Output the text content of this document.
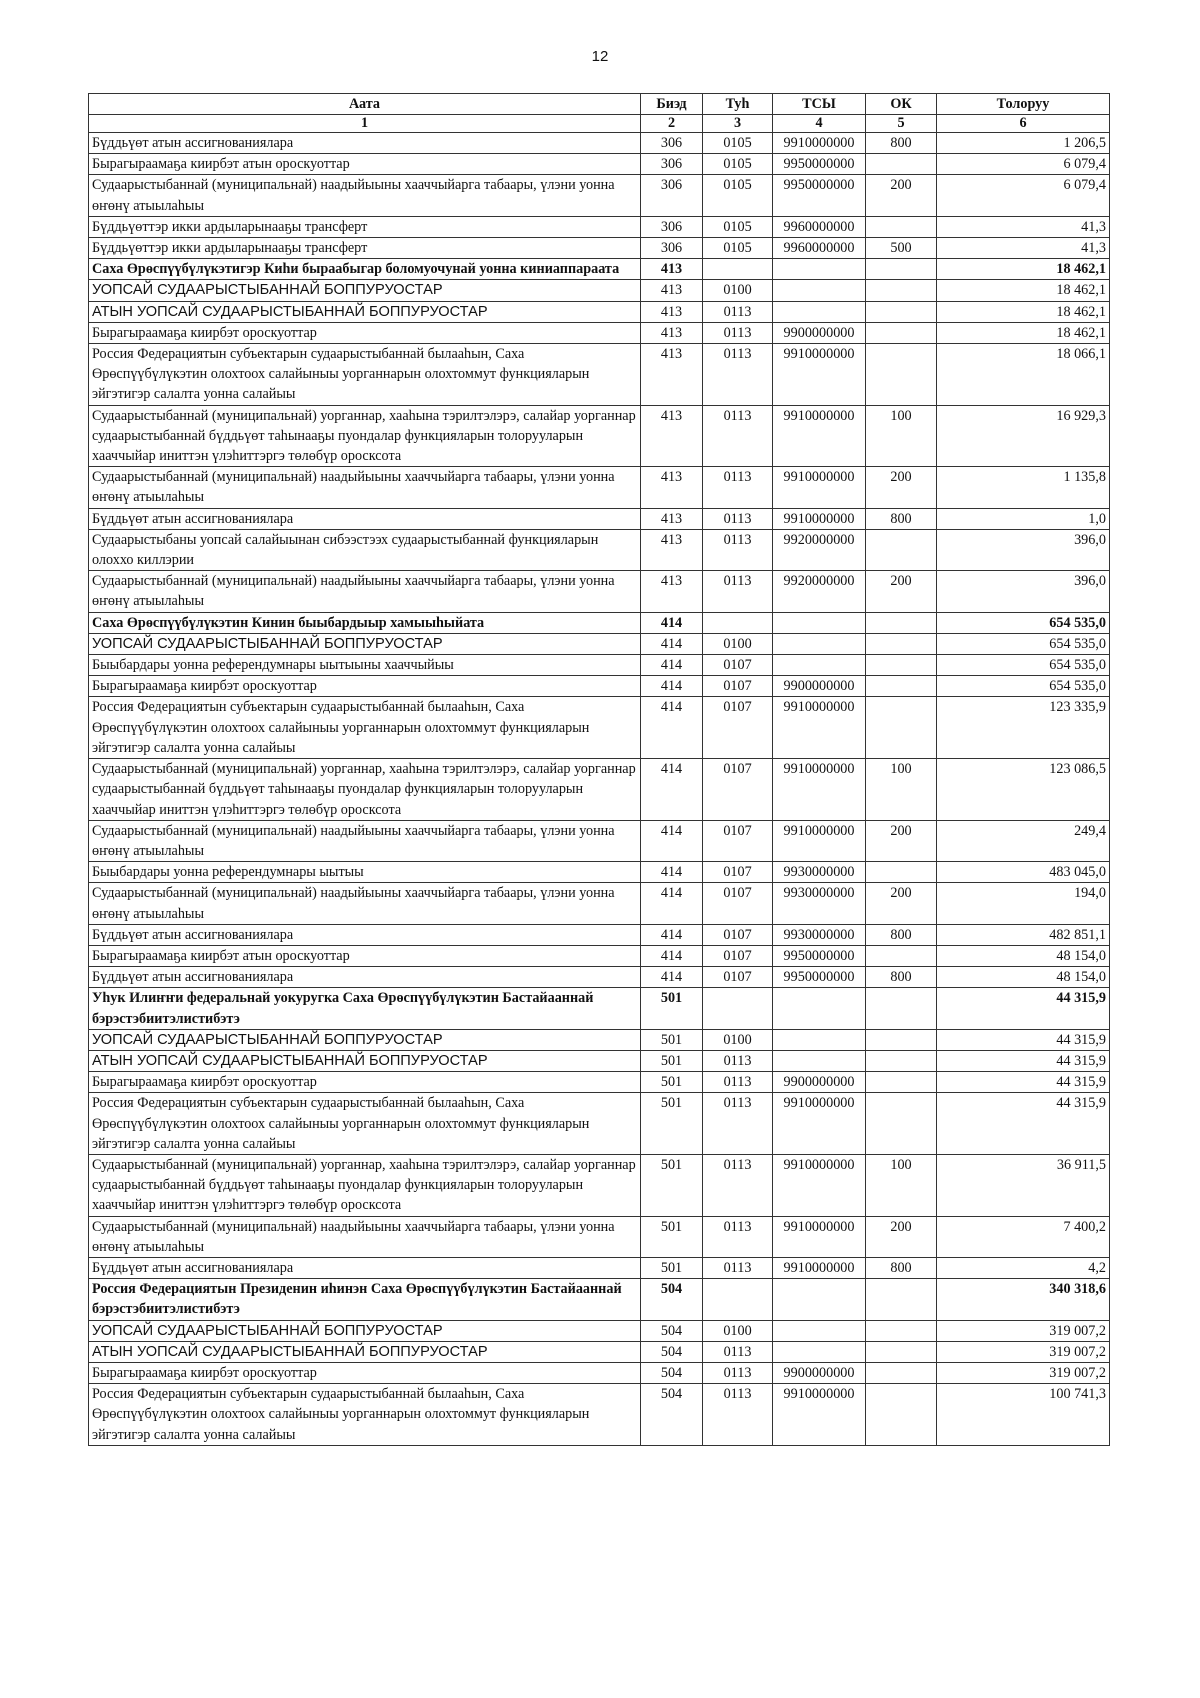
12
Аата	Биэд	Туh	ТСЫ	ОК	Толоруу
1	2	3	4	5	6
Бүддьүөт атын ассигнованиялара	306	0105	9910000000	800	1 206,5
Бырагыраамаҕа киирбэт атын ороскуоттар	306	0105	9950000000		6 079,4
Судаарыстыбаннай (муниципальнай) наадыйыыны хааччыйарга табаары, үлэни уонна өҥөнү атыылаһыы	306	0105	9950000000	200	6 079,4
Бүддьүөттэр икки ардыларынааҕы трансферт	306	0105	9960000000		41,3
Бүддьүөттэр икки ардыларынааҕы трансферт	306	0105	9960000000	500	41,3
Саха Өрөспүүбүлүкэтигэр Киhи быраабыгар боломуочунай уонна киниаппараата	413				18 462,1
УОПСАЙ СУДААРЫСТЫБАННАЙ БОППУРУОСТАР	413	0100			18 462,1
АТЫН УОПСАЙ СУДААРЫСТЫБАННАЙ БОППУРУОСТАР	413	0113			18 462,1
Бырагыраамаҕа киирбэт ороскуоттар	413	0113	9900000000		18 462,1
Россия Федерациятын субъектарын судаарыстыбаннай былааһын, Саха Өрөспүүбүлүкэтин олохтоох салайыныы уорганнарын олохтоммут функцияларын эйгэтигэр салалта уонна салайыы	413	0113	9910000000		18 066,1
Судаарыстыбаннай (муниципальнай) уорганнар, хааһына тэрилтэлэрэ, салайар уорганнар судаарыстыбаннай бүддьүөт таһынааҕы пуондалар функцияларын толорууларын хааччыйар иниттэн үлэһиттэргэ төлөбүр оросксота	413	0113	9910000000	100	16 929,3
Судаарыстыбаннай (муниципальнай) наадыйыыны хааччыйарга табаары, үлэни уонна өҥөнү атыылаһыы	413	0113	9910000000	200	1 135,8
Бүддьүөт атын ассигнованиялара	413	0113	9910000000	800	1,0
Судаарыстыбаны уопсай салайыынан сибээстээх судаарыстыбаннай функцияларын олоххо киллэрии	413	0113	9920000000		396,0
Судаарыстыбаннай (муниципальнай) наадыйыыны хааччыйарга табаары, үлэни уонна өҥөнү атыылаһыы	413	0113	9920000000	200	396,0
Саха Өрөспүүбүлүкэтин Кинин быыбардыыр хамыыhыйата	414				654 535,0
УОПСАЙ СУДААРЫСТЫБАННАЙ БОППУРУОСТАР	414	0100			654 535,0
Быыбардары уонна референдумнары ыытыыны хааччыйыы	414	0107			654 535,0
Бырагыраамаҕа киирбэт ороскуоттар	414	0107	9900000000		654 535,0
Россия Федерациятын субъектарын судаарыстыбаннай былааһын, Саха Өрөспүүбүлүкэтин олохтоох салайыныы уорганнарын олохтоммут функцияларын эйгэтигэр салалта уонна салайыы	414	0107	9910000000		123 335,9
Судаарыстыбаннай (муниципальнай) уорганнар, хааһына тэрилтэлэрэ, салайар уорганнар судаарыстыбаннай бүддьүөт таһынааҕы пуондалар функцияларын толорууларын хааччыйар иниттэн үлэһиттэргэ төлөбүр оросксота	414	0107	9910000000	100	123 086,5
Судаарыстыбаннай (муниципальнай) наадыйыыны хааччыйарга табаары, үлэни уонна өҥөнү атыылаһыы	414	0107	9910000000	200	249,4
Быыбардары уонна референдумнары ыытыы	414	0107	9930000000		483 045,0
Судаарыстыбаннай (муниципальнай) наадыйыыны хааччыйарга табаары, үлэни уонна өҥөнү атыылаһыы	414	0107	9930000000	200	194,0
Бүддьүөт атын ассигнованиялара	414	0107	9930000000	800	482 851,1
Бырагыраамаҕа киирбэт атын ороскуоттар	414	0107	9950000000		48 154,0
Бүддьүөт атын ассигнованиялара	414	0107	9950000000	800	48 154,0
Уһук Илиҥҥи федеральнай уокуругка Саха Өрөспүүбүлүкэтин Бастайааннай бэрэстэбиитэлистибэтэ	501				44 315,9
УОПСАЙ СУДААРЫСТЫБАННАЙ БОППУРУОСТАР	501	0100			44 315,9
АТЫН УОПСАЙ СУДААРЫСТЫБАННАЙ БОППУРУОСТАР	501	0113			44 315,9
Бырагыраамаҕа киирбэт ороскуоттар	501	0113	9900000000		44 315,9
Россия Федерациятын субъектарын судаарыстыбаннай былааһын, Саха Өрөспүүбүлүкэтин олохтоох салайыныы уорганнарын олохтоммут функцияларын эйгэтигэр салалта уонна салайыы	501	0113	9910000000		44 315,9
Судаарыстыбаннай (муниципальнай) уорганнар, хааһына тэрилтэлэрэ, салайар уорганнар судаарыстыбаннай бүддьүөт таһынааҕы пуондалар функцияларын толорууларын хааччыйар иниттэн үлэһиттэргэ төлөбүр оросксота	501	0113	9910000000	100	36 911,5
Судаарыстыбаннай (муниципальнай) наадыйыыны хааччыйарга табаары, үлэни уонна өҥөнү атыылаһыы	501	0113	9910000000	200	7 400,2
Бүддьүөт атын ассигнованиялара	501	0113	9910000000	800	4,2
Россия Федерациятын Президенин иһинэн Саха Өрөспүүбүлүкэтин Бастайааннай бэрэстэбиитэлистибэтэ	504				340 318,6
УОПСАЙ СУДААРЫСТЫБАННАЙ БОППУРУОСТАР	504	0100			319 007,2
АТЫН УОПСАЙ СУДААРЫСТЫБАННАЙ БОППУРУОСТАР	504	0113			319 007,2
Бырагыраамаҕа киирбэт ороскуоттар	504	0113	9900000000		319 007,2
Россия Федерациятын субъектарын судаарыстыбаннай былааһын, Саха Өрөспүүбүлүкэтин олохтоох салайыныы уорганнарын олохтоммут функцияларын эйгэтигэр салалта уонна салайыы	504	0113	9910000000		100 741,3
